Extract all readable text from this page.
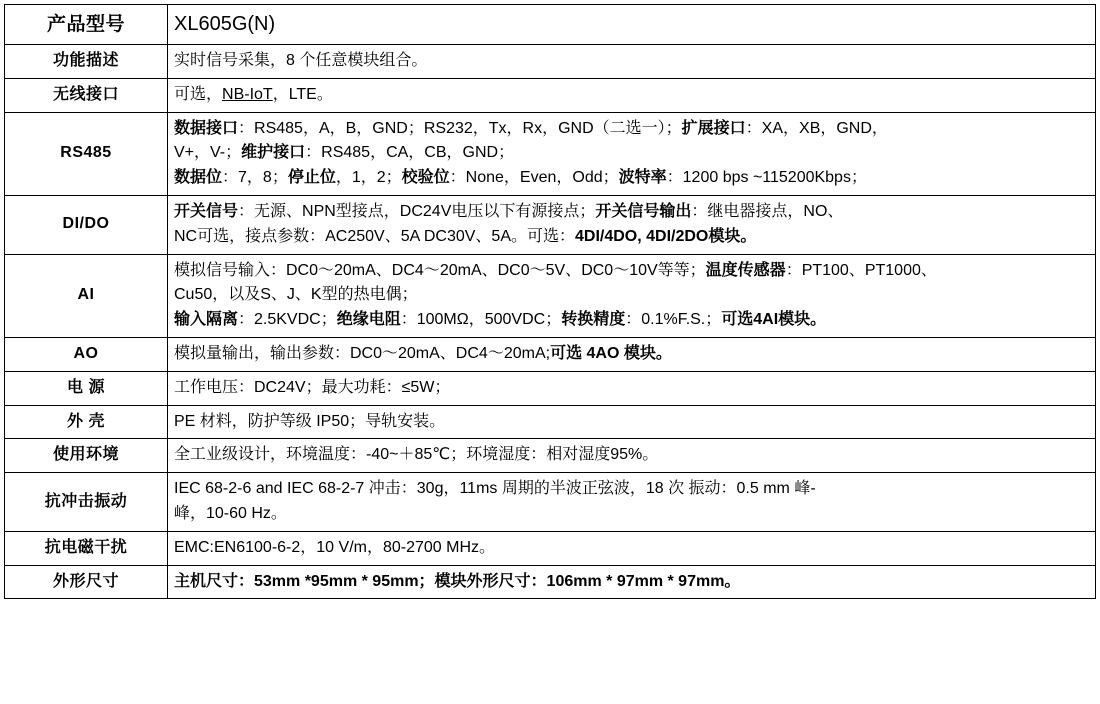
产品型号	XL605G(N)

功能描述	实时信号采集，8 个任意模块组合。

无线接口	可选，NB-IoT，LTE。

RS485	数据接口：RS485，A，B，GND；RS232，Tx，Rx，GND（二选一）；扩展接口：XA，XB，GND，

V+，V-；维护接口：RS485，CA，CB，GND；

数据位：7，8；停止位，1，2；校验位：None，Even，Odd；波特率：1200 bps ~115200Kbps；

DI/DO	开关信号：无源、NPN型接点，DC24V电压以下有源接点；开关信号输出：继电器接点，NO、

NC可选，接点参数：AC250V、5A DC30V、5A。可选：4DI/4DO, 4DI/2DO模块。

AI	模拟信号输入：DC0～20mA、DC4～20mA、DC0～5V、DC0～10V等等；温度传感器：PT100、PT1000、

Cu50，以及S、J、K型的热电偶；

输入隔离：2.5KVDC；绝缘电阻：100MΩ，500VDC；转换精度：0.1%F.S.；可选4AI模块。

AO	模拟量输出，输出参数：DC0～20mA、DC4～20mA;可选 4AO 模块。

电 源	工作电压：DC24V；最大功耗：≤5W；

外 壳	PE 材料，防护等级 IP50；导轨安装。

使用环境	全工业级设计，环境温度：-40~＋85℃；环境湿度：相对湿度95%。

抗冲击振动	IEC 68-2-6 and IEC 68-2-7 冲击：30g，11ms 周期的半波正弦波，18 次 振动：0.5 mm 峰-

峰，10-60 Hz。

抗电磁干扰	EMC:EN6100-6-2，10 V/m，80-2700 MHz。

外形尺寸	主机尺寸：53mm *95mm * 95mm；模块外形尺寸：106mm * 97mm * 97mm。
